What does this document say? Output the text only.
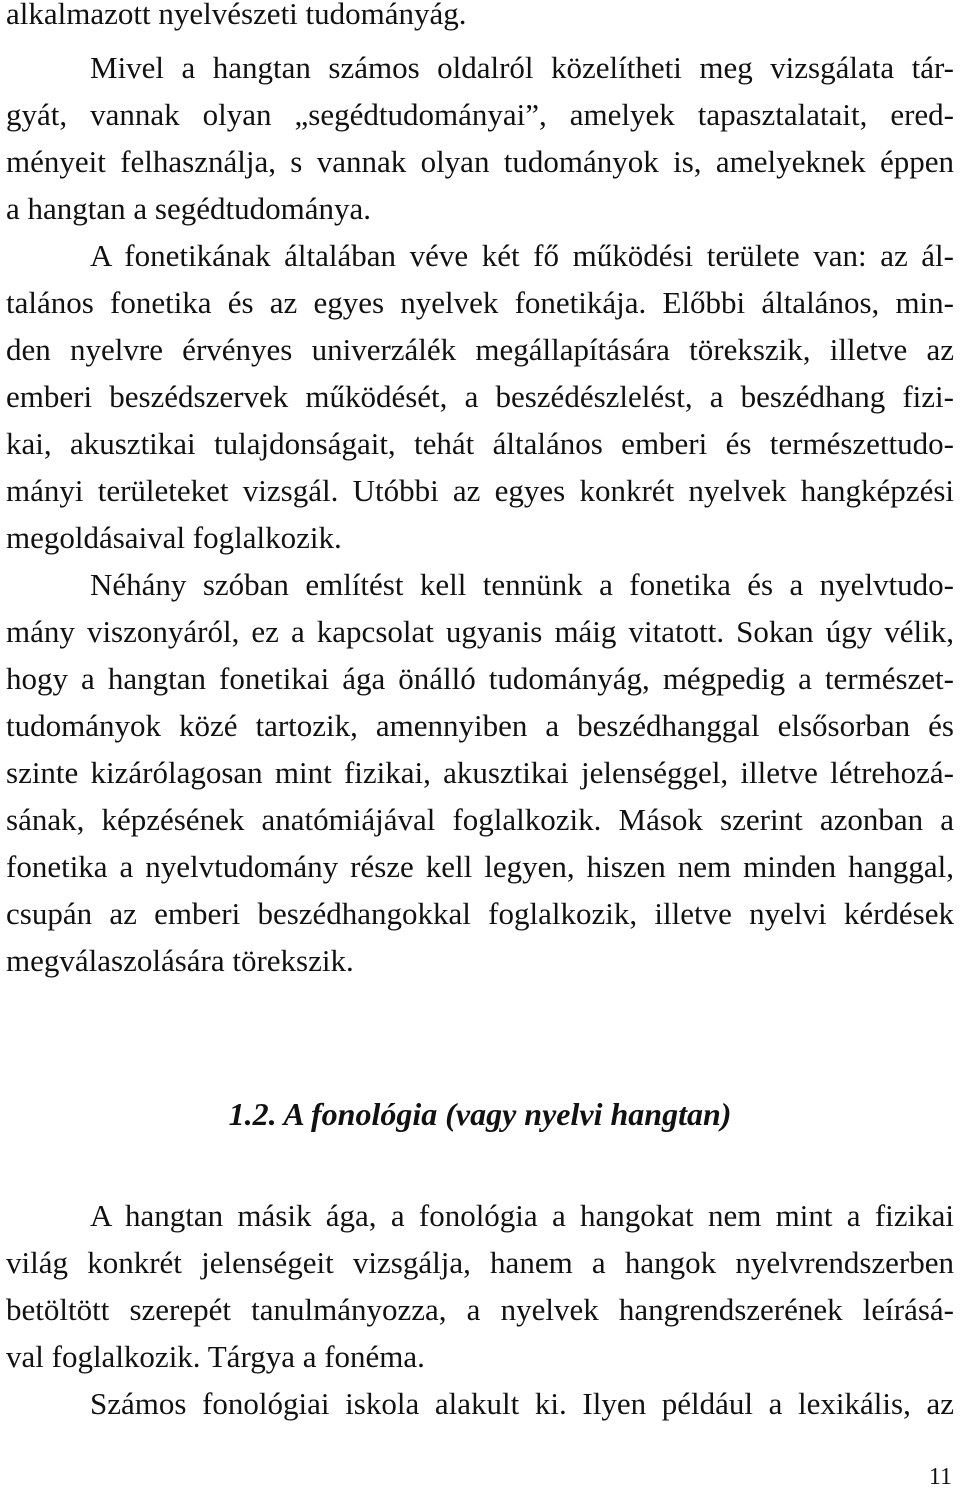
alkalmazott nyelvészeti tudományág.

Mivel a hangtan számos oldalról közelítheti meg vizsgálata tár-

gyát, vannak olyan „segédtudományai”, amelyek tapasztalatait, ered-

ményeit felhasználja, s vannak olyan tudományok is, amelyeknek éppen

a hangtan a segédtudománya.

A fonetikának általában véve két fő működési területe van: az ál-

talános fonetika és az egyes nyelvek fonetikája. Előbbi általános, min-

den nyelvre érvényes univerzálék megállapítására törekszik, illetve az

emberi beszédszervek működését, a beszédészlelést, a beszédhang fizi-

kai, akusztikai tulajdonságait, tehát általános emberi és természettudo-

mányi területeket vizsgál. Utóbbi az egyes konkrét nyelvek hangképzési

megoldásaival foglalkozik.

Néhány szóban említést kell tennünk a fonetika és a nyelvtudo-

mány viszonyáról, ez a kapcsolat ugyanis máig vitatott. Sokan úgy vélik,

hogy a hangtan fonetikai ága önálló tudományág, mégpedig a természet-

tudományok közé tartozik, amennyiben a beszédhanggal elsősorban és

szinte kizárólagosan mint fizikai, akusztikai jelenséggel, illetve létrehozá-

sának, képzésének anatómiájával foglalkozik. Mások szerint azonban a

fonetika a nyelvtudomány része kell legyen, hiszen nem minden hanggal,

csupán az emberi beszédhangokkal foglalkozik, illetve nyelvi kérdések

megválaszolására törekszik.

1.2. A fonológia (vagy nyelvi hangtan)

A hangtan másik ága, a fonológia a hangokat nem mint a fizikai

világ konkrét jelenségeit vizsgálja, hanem a hangok nyelvrendszerben

betöltött szerepét tanulmányozza, a nyelvek hangrendszerének leírásá-

val foglalkozik. Tárgya a fonéma.

Számos fonológiai iskola alakult ki. Ilyen például a lexikális, az

11
